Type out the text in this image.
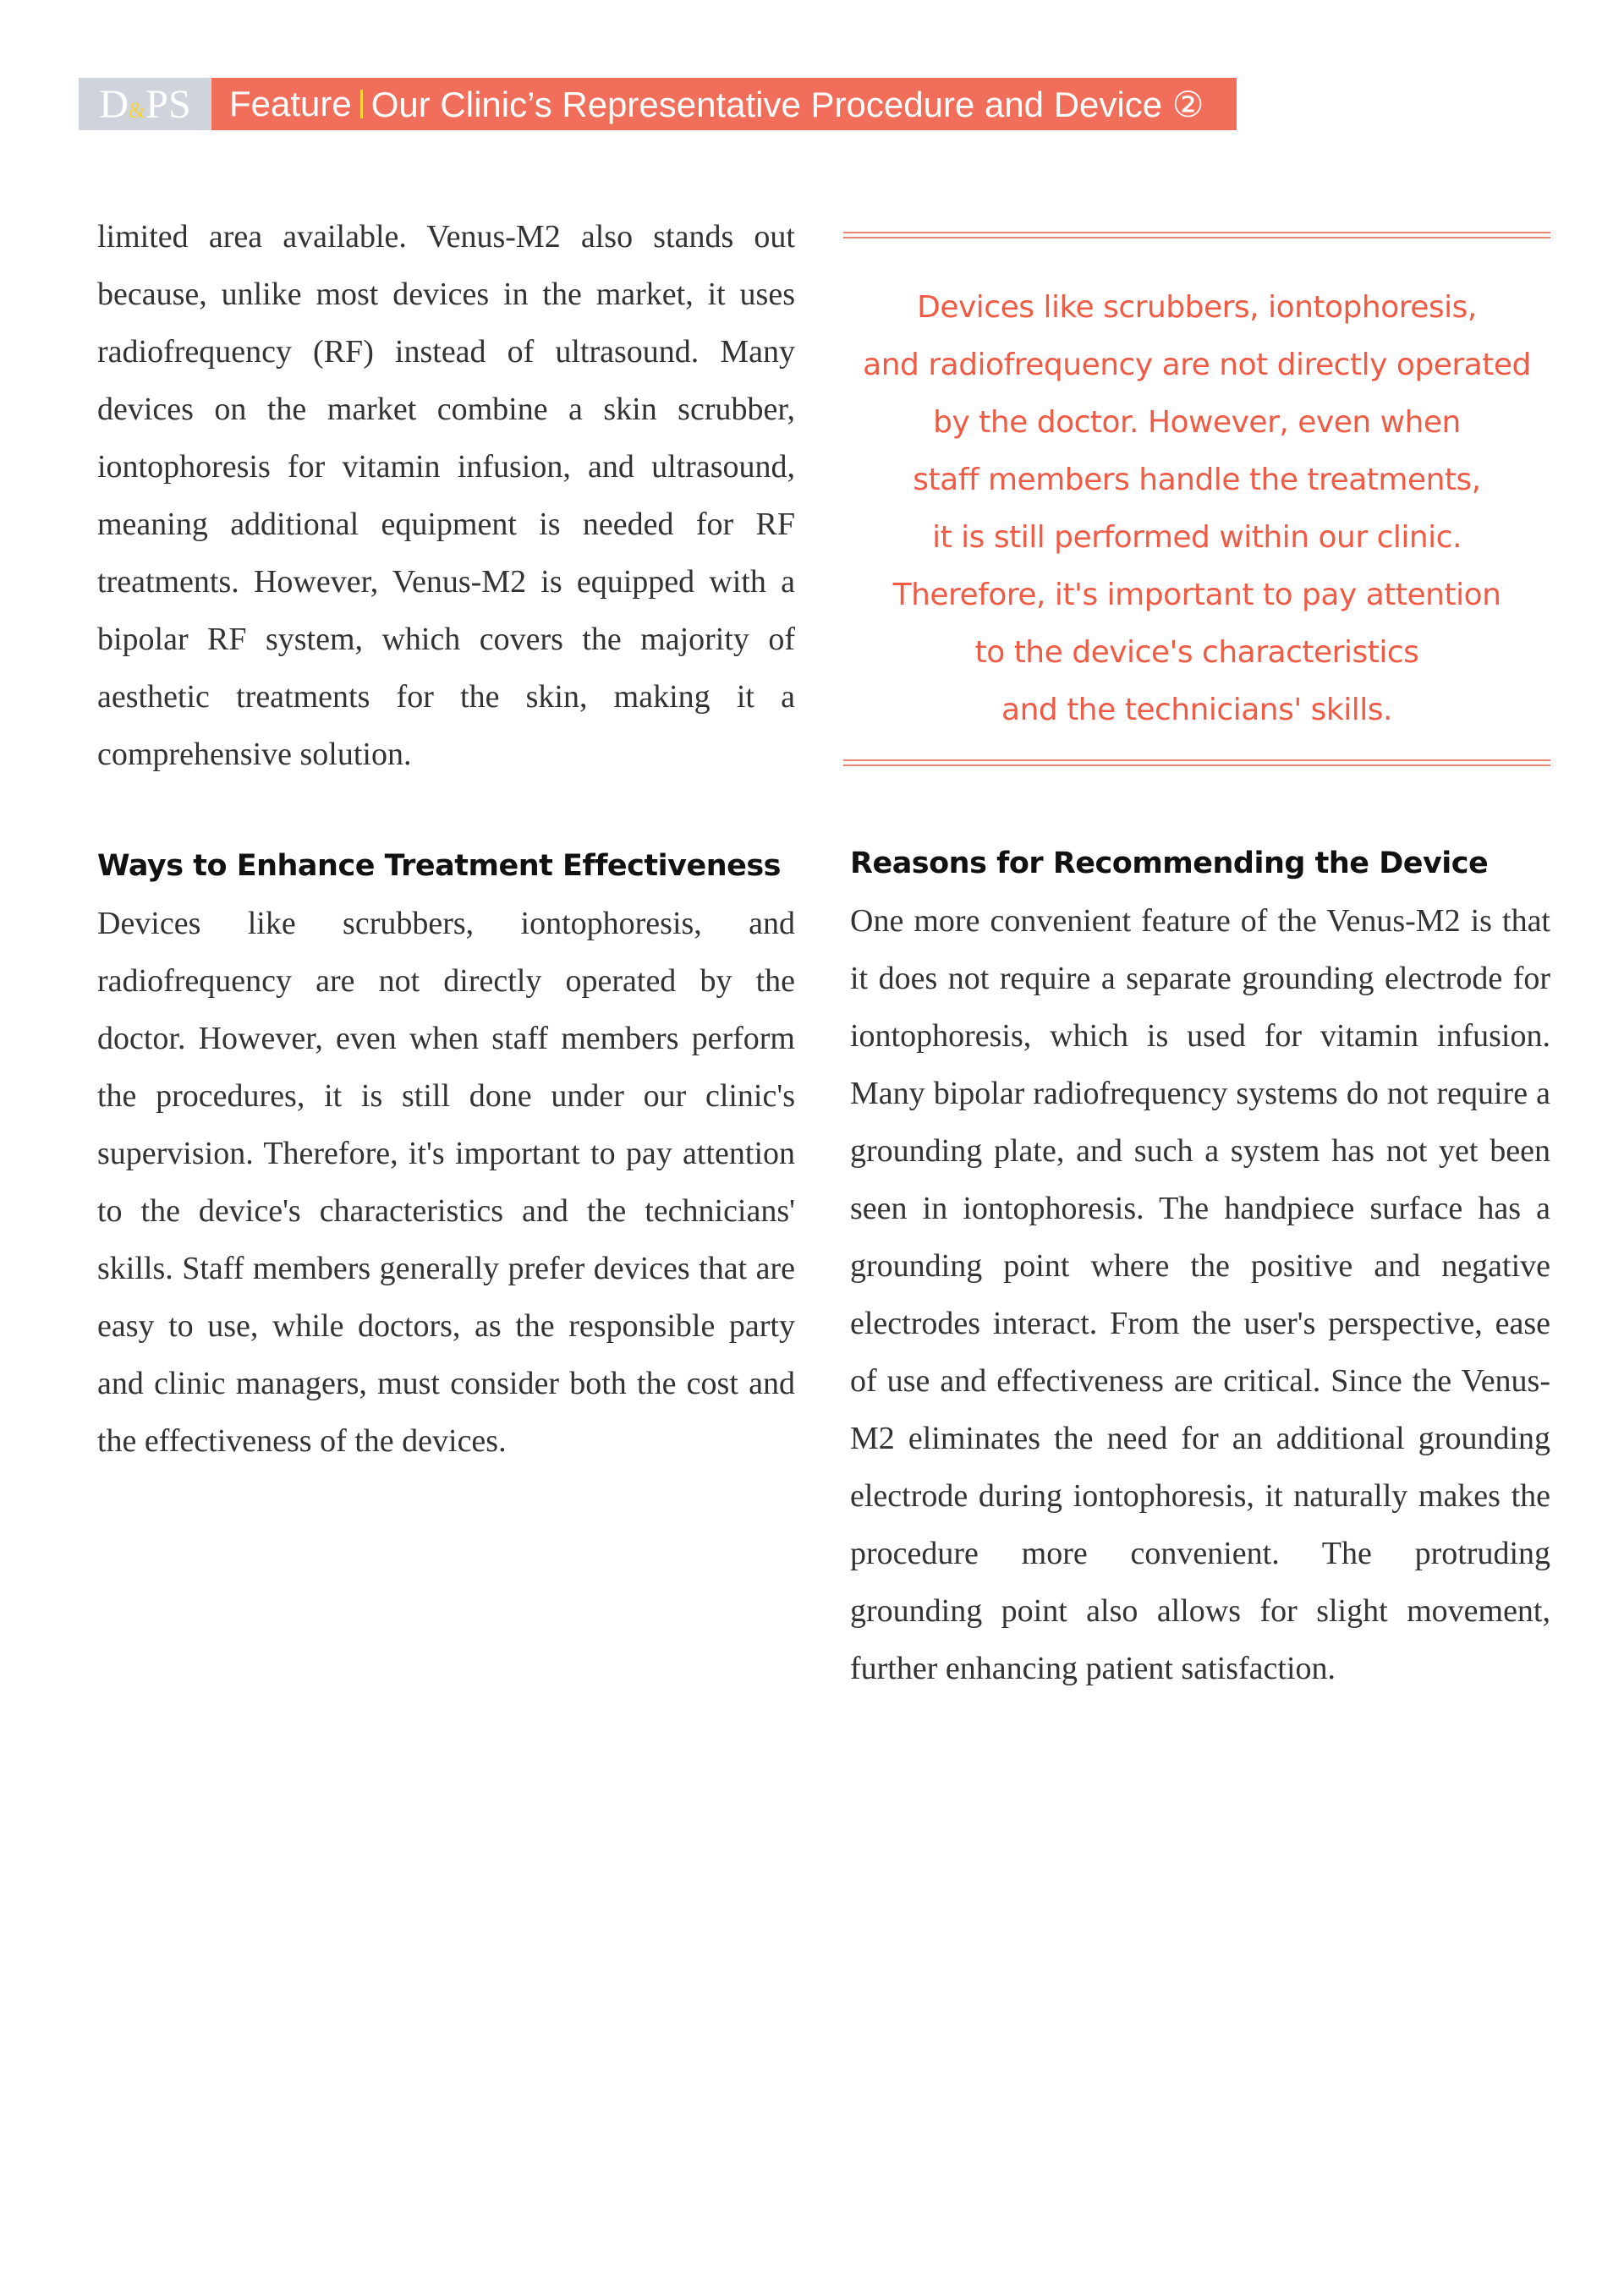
D & PS Feature Our Clinic’s Representative Procedure and Device ②

limited area available. Venus-M2 also stands out because, unlike most devices in the market, it uses radiofrequency (RF) instead of ultrasound. Many devices on the market combine a skin scrubber, iontophoresis for vitamin infusion, and ultrasound, meaning additional equipment is needed for RF treatments. However, Venus-M2 is equipped with a bipolar RF system, which covers the majority of aesthetic treatments for the skin, making it a comprehensive solution.

Ways to Enhance Treatment Effectiveness

Devices like scrubbers, iontophoresis, and radiofrequency are not directly operated by the doctor. However, even when staff members perform the procedures, it is still done under our clinic's supervision. Therefore, it's important to pay attention to the device's characteristics and the technicians' skills. Staff members generally prefer devices that are easy to use, while doctors, as the responsible party and clinic managers, must consider both the cost and the effectiveness of the devices.

Devices like scrubbers, iontophoresis,
and radiofrequency are not directly operated
by the doctor. However, even when
staff members handle the treatments,
it is still performed within our clinic.
Therefore, it's important to pay attention
to the device's characteristics
and the technicians' skills.
Reasons for Recommending the Device

One more convenient feature of the Venus-M2 is that it does not require a separate grounding electrode for iontophoresis, which is used for vitamin infusion. Many bipolar radiofrequency systems do not require a grounding plate, and such a system has not yet been seen in iontophoresis. The handpiece surface has a grounding point where the positive and negative electrodes interact. From the user's perspective, ease of use and effectiveness are critical. Since the Venus-M2 eliminates the need for an additional grounding electrode during iontophoresis, it naturally makes the procedure more convenient. The protruding grounding point also allows for slight movement, further enhancing patient satisfaction.
